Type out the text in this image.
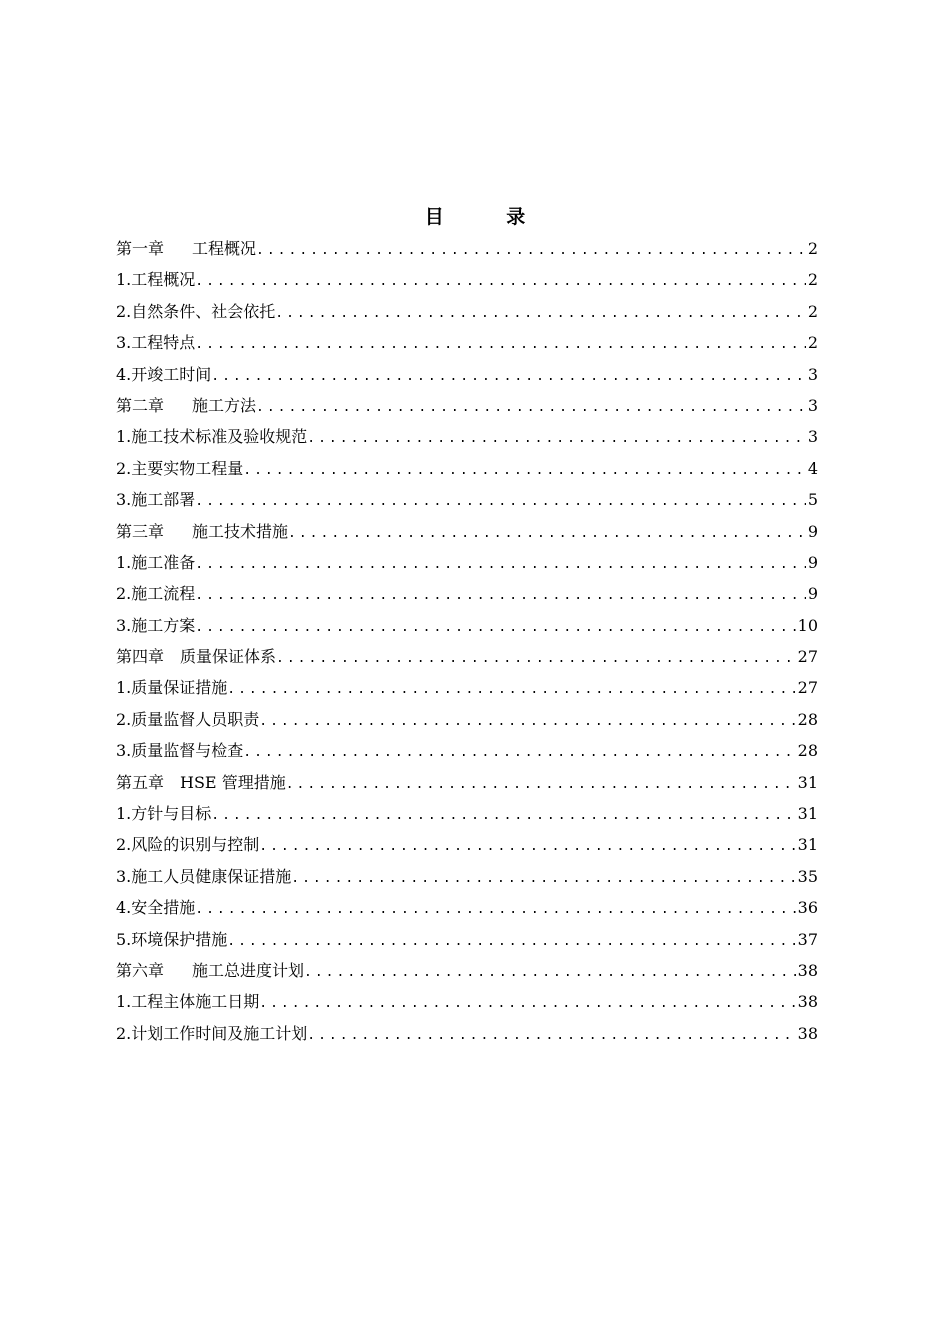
目 录
第一章 工程概况 .....	2
1.工程概况 .....	2
2.自然条件、社会依托 .....	2
3.工程特点 .....	2
4.开竣工时间 .....	3
第二章 施工方法 .....	3
1.施工技术标准及验收规范 .....	3
2.主要实物工程量 .....	4
3.施工部署 .....	5
第三章 施工技术措施 .....	9
1.施工准备 .....	9
2.施工流程 .....	9
3.施工方案 .....	10
第四章 质量保证体系 .....	27
1.质量保证措施 .....	27
2.质量监督人员职责 .....	28
3.质量监督与检查 .....	28
第五章 HSE 管理措施 .....	31
1.方针与目标 .....	31
2.风险的识别与控制 .....	31
3.施工人员健康保证措施 .....	35
4.安全措施 .....	36
5.环境保护措施 .....	37
第六章 施工总进度计划 .....	38
1.工程主体施工日期 .....	38
2.计划工作时间及施工计划 .....	38
